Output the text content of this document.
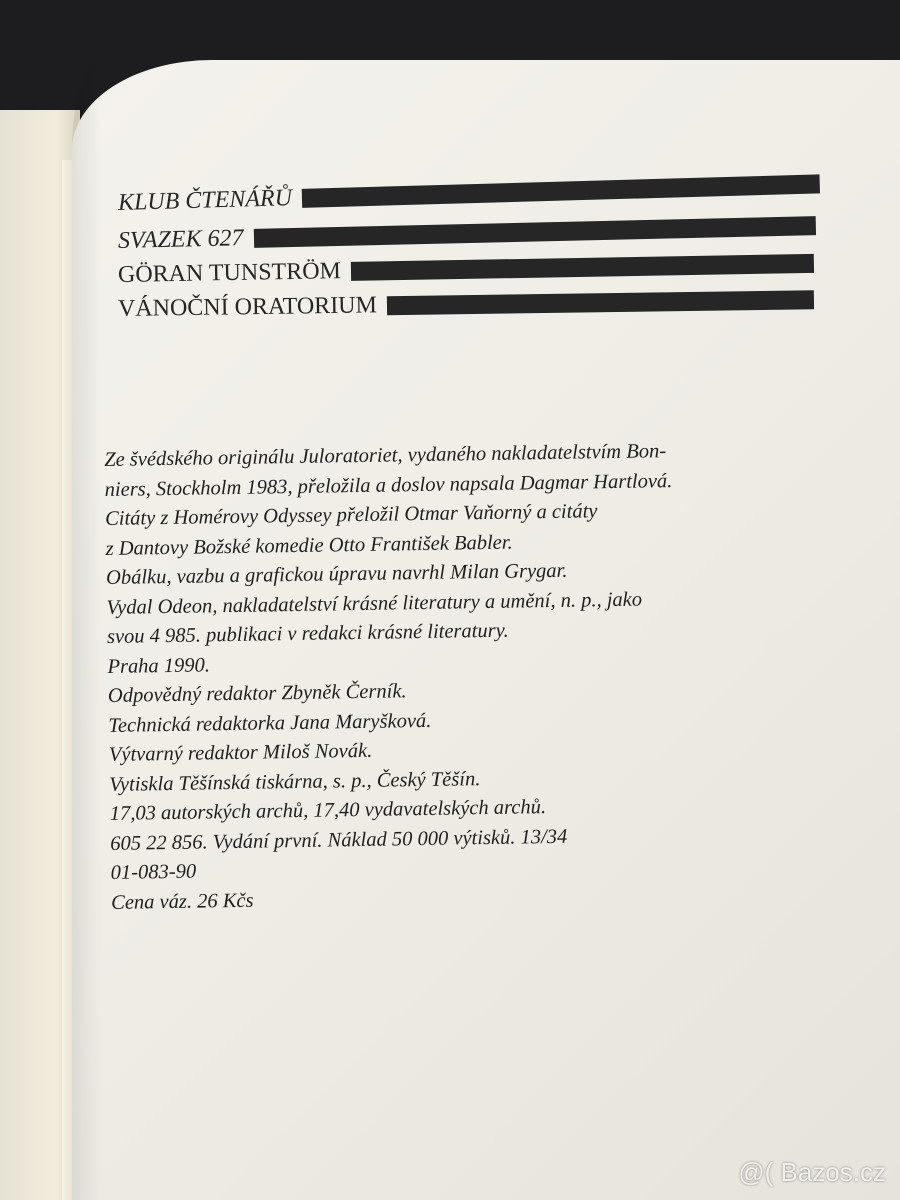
KLUB ČTENÁŘŮ
SVAZEK 627
GÖRAN TUNSTRÖM
VÁNOČNÍ ORATORIUM

Ze švédského originálu Juloratoriet, vydaného nakladatelstvím Bon-

niers, Stockholm 1983, přeložila a doslov napsala Dagmar Hartlová.

Citáty z Homérovy Odyssey přeložil Otmar Vaňorný a citáty

z Dantovy Božské komedie Otto František Babler.

Obálku, vazbu a grafickou úpravu navrhl Milan Grygar.

Vydal Odeon, nakladatelství krásné literatury a umění, n. p., jako

svou 4 985. publikaci v redakci krásné literatury.

Praha 1990.

Odpovědný redaktor Zbyněk Černík.

Technická redaktorka Jana Maryšková.

Výtvarný redaktor Miloš Novák.

Vytiskla Těšínská tiskárna, s. p., Český Těšín.

17,03 autorských archů, 17,40 vydavatelských archů.

605 22 856. Vydání první. Náklad 50 000 výtisků. 13/34

01-083-90

Cena váz. 26 Kčs

@( Bazos.cz
